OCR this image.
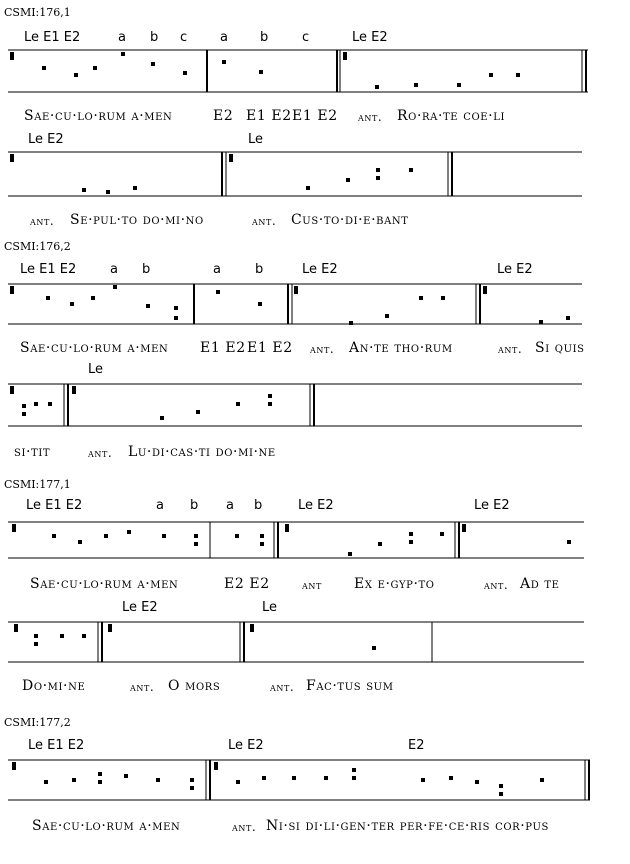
CSMI:176,1
Le E1 E2	a b c	a b	c	Le E2
Sae·cu·lo·rum a·men	E2 E1 E2 E1 E2 ant. Ro·ra·te coe·li
Le E2	Le
ant. Se·pul·to do·mi·no	ant. Cus·to·di·e·bant
CSMI:176,2
Le E1 E2	a b	a	b	Le E2	Le E2
Sae·cu·lo·rum a·men E1 E2 E1 E2 ant. An·te tho·rum	ant. Si quis
Le
si·tit	ant. Lu·di·cas·ti do·mi·ne
CSMI:177,1
Le E1 E2	a b a b	Le E2	Le E2
Sae·cu·lo·rum a·men	E2 E2	ant Ex e·gyp·to	ant. Ad te
Le E2	Le
Do·mi·ne	ant. O mors	ant. Fac·tus sum
CSMI:177,2
Le E1 E2	Le E2	E2
Sae·cu·lo·rum a·men	ant. Ni·si di·li·gen·ter per·fe·ce·ris cor·pus
